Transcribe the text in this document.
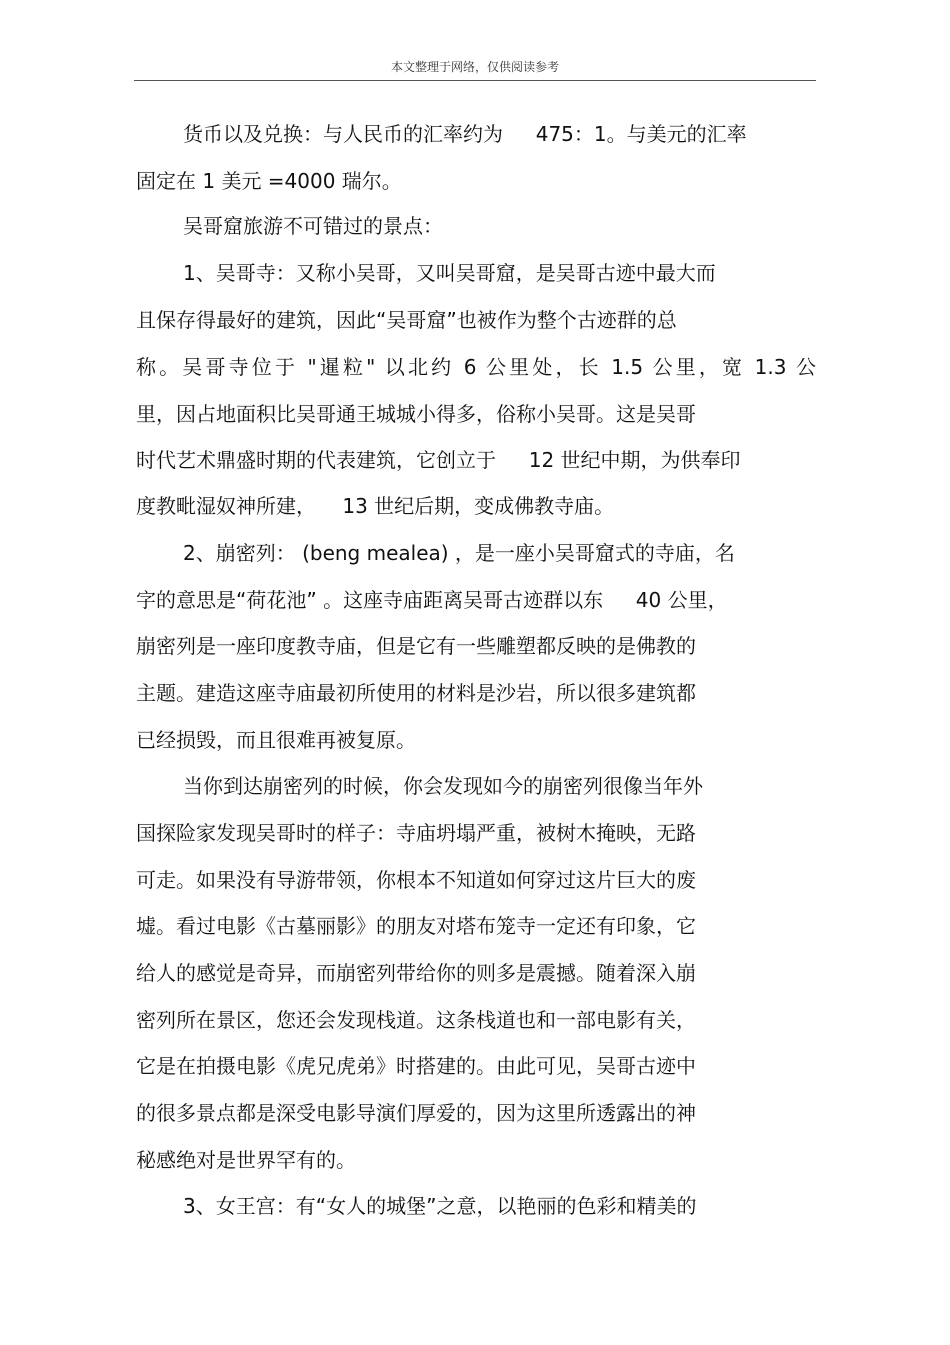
本文整理于网络，仅供阅读参考
货币以及兑换：与人民币的汇率约为 　 475：1。与美元的汇率
固定在 1 美元 =4000 瑞尔。
吴哥窟旅游不可错过的景点：
1、吴哥寺：又称小吴哥，又叫吴哥窟，是吴哥古迹中最大而
且保存得最好的建筑，因此“吴哥窟”也被作为整个古迹群的总
称。吴哥寺位于 "暹粒" 以北约 6 公里处，长 1.5 公里，宽 1.3 公
里，因占地面积比吴哥通王城城小得多，俗称小吴哥。这是吴哥
时代艺术鼎盛时期的代表建筑，它创立于 　 12 世纪中期，为供奉印
度教毗湿奴神所建， 　13 世纪后期，变成佛教寺庙。
2、崩密列： (beng mealea) ，是一座小吴哥窟式的寺庙，名
字的意思是“荷花池” 。这座寺庙距离吴哥古迹群以东 　 40 公里，
崩密列是一座印度教寺庙，但是它有一些雕塑都反映的是佛教的
主题。建造这座寺庙最初所使用的材料是沙岩，所以很多建筑都
已经损毁，而且很难再被复原。
当你到达崩密列的时候，你会发现如今的崩密列很像当年外
国探险家发现吴哥时的样子：寺庙坍塌严重，被树木掩映，无路
可走。如果没有导游带领，你根本不知道如何穿过这片巨大的废
墟。看过电影《古墓丽影》的朋友对塔布笼寺一定还有印象，它
给人的感觉是奇异，而崩密列带给你的则多是震撼。随着深入崩
密列所在景区，您还会发现栈道。这条栈道也和一部电影有关，
它是在拍摄电影《虎兄虎弟》时搭建的。由此可见，吴哥古迹中
的很多景点都是深受电影导演们厚爱的，因为这里所透露出的神
秘感绝对是世界罕有的。
3、女王宫：有“女人的城堡”之意，以艳丽的色彩和精美的
